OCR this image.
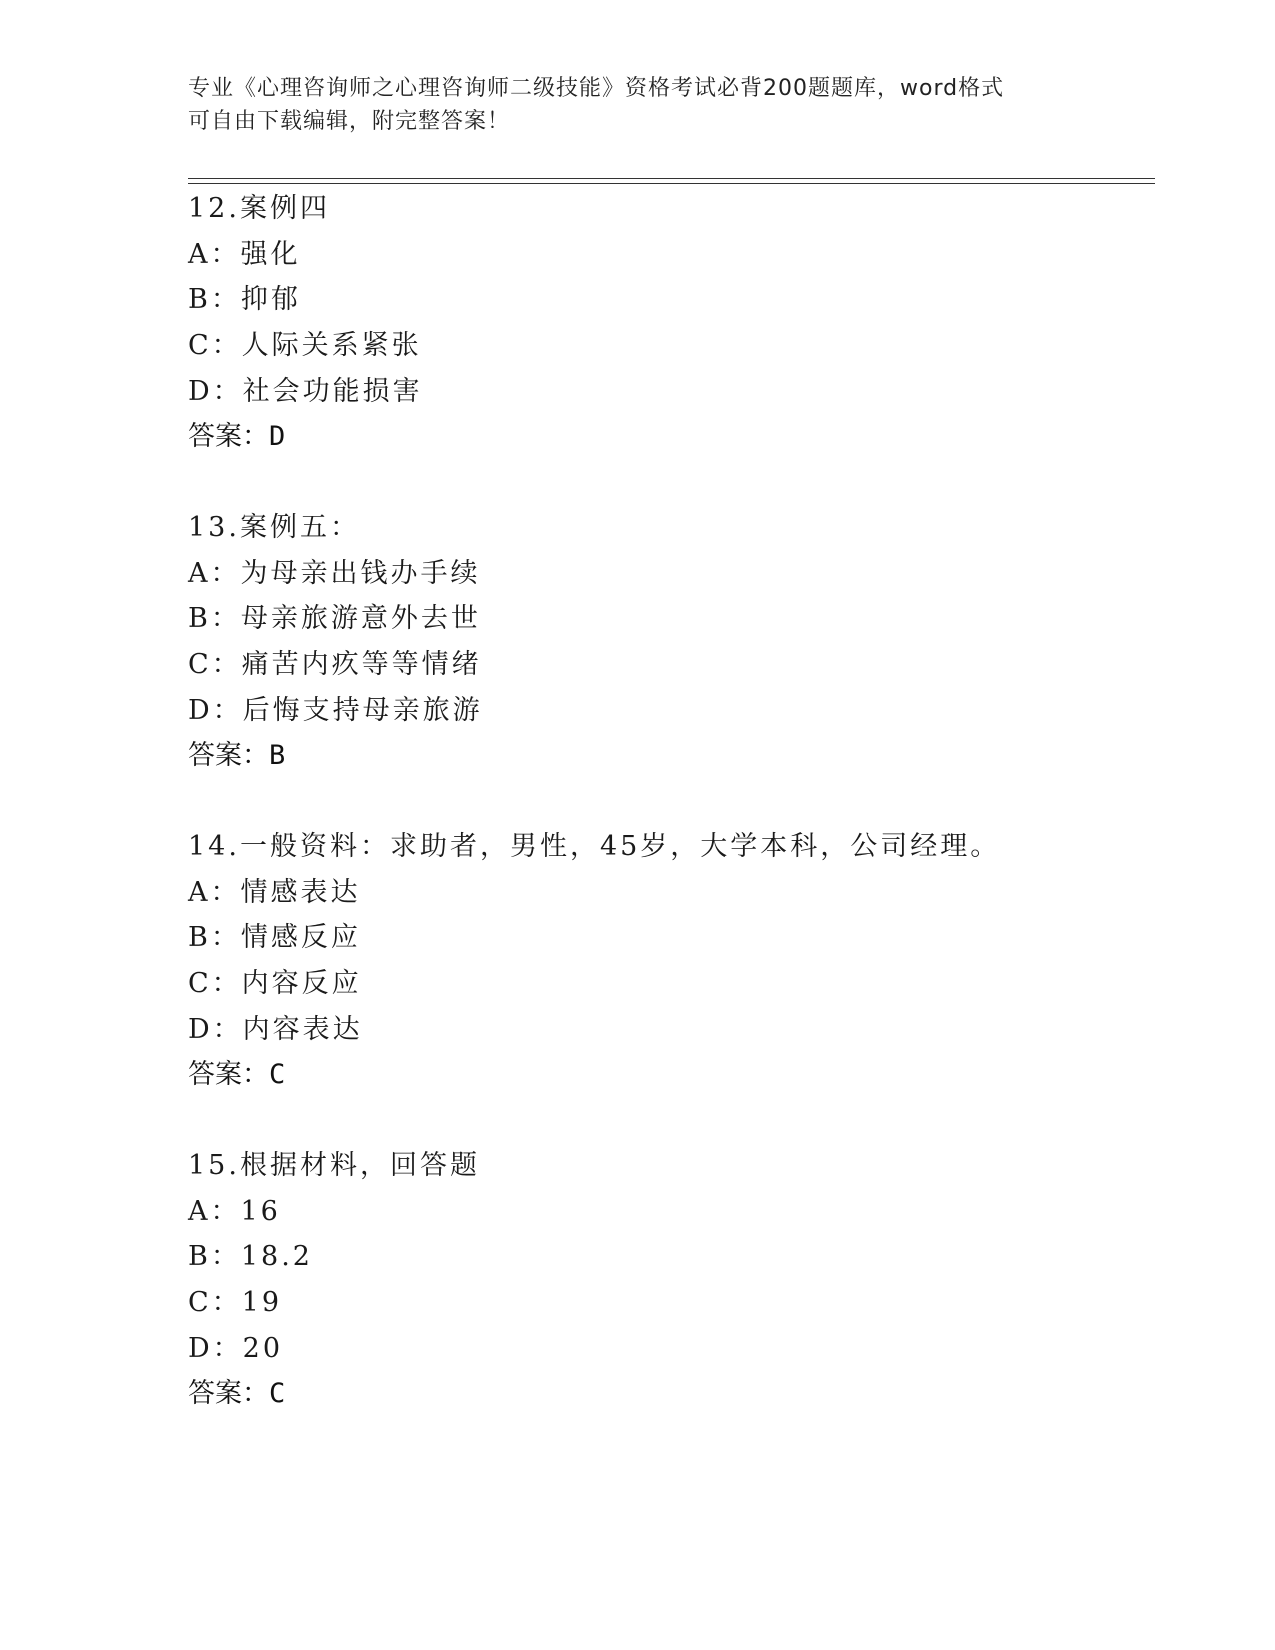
专业《心理咨询师之心理咨询师二级技能》资格考试必背200题题库，word格式
可自由下载编辑，附完整答案！
12.案例四
A：强化
B：抑郁
C：人际关系紧张
D：社会功能损害
答案：D
13.案例五：
A：为母亲出钱办手续
B：母亲旅游意外去世
C：痛苦内疚等等情绪
D：后悔支持母亲旅游
答案：B
14.一般资料：求助者，男性，45岁，大学本科，公司经理。
A：情感表达
B：情感反应
C：内容反应
D：内容表达
答案：C
15.根据材料，回答题
A：16
B：18.2
C：19
D：20
答案：C
